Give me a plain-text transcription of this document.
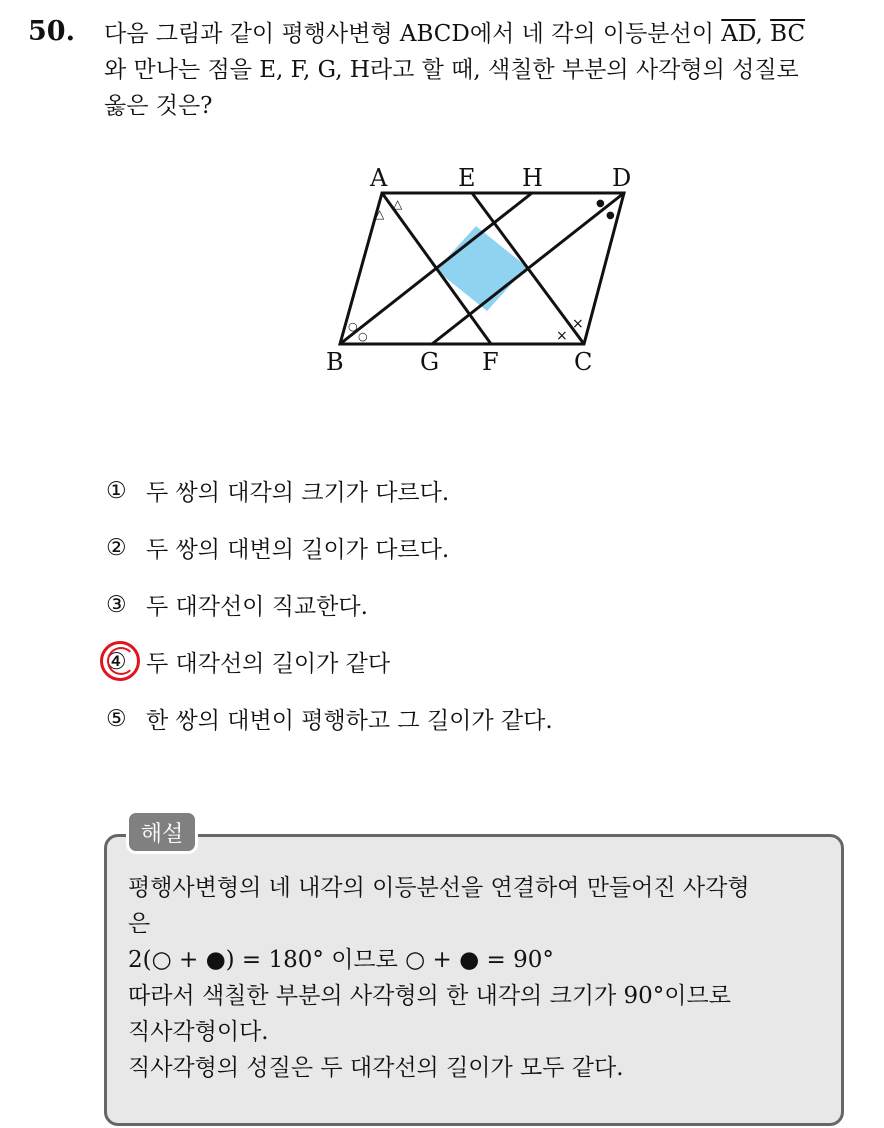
50. 다음 그림과 같이 평행사변형 ABCD에서 네 각의 이등분선이 $\overline{AD}$, $\overline{BC}$
와 만나는 점을 E, F, G, H라고 할 때, 색칠한 부분의 사각형의 성질로
옳은 것은?
A	E H	D
B	G F	C
△
△
○
○	×
×
●
●
① 두 쌍의 대각의 크기가 다르다.
② 두 쌍의 대변의 길이가 다르다.
③ 두 대각선이 직교한다.
④ 두 대각선의 길이가 같다
⑤ 한 쌍의 대변이 평행하고 그 길이가 같다.
해설
평행사변형의 네 내각의 이등분선을 연결하여 만들어진 사각형
은
2(○ + ●) = 180° 이므로 ○ + ● = 90°
따라서 색칠한 부분의 사각형의 한 내각의 크기가 90°이므로
직사각형이다.
직사각형의 성질은 두 대각선의 길이가 모두 같다.
